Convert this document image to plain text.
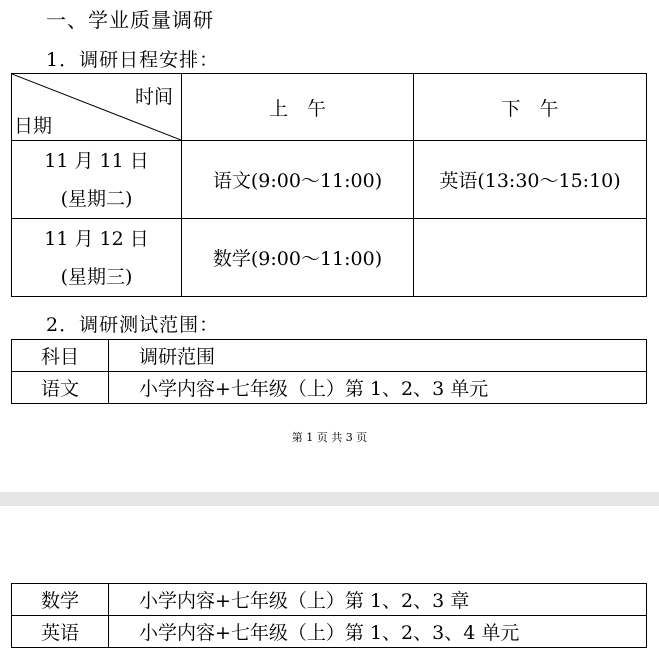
一、学业质量调研
1．调研日程安排：
时间
日期	上　午	下　午

11 月 11 日
(星期二)	语文(9:00～11:00)	英语(13:30～15:10)

11 月 12 日
(星期三)	数学(9:00～11:00)	
2．调研测试范围：
科目	调研范围
语文	小学内容+七年级（上）第 1、2、3 单元
第 1 页 共 3 页
数学	小学内容+七年级（上）第 1、2、3 章
英语	小学内容+七年级（上）第 1、2、3、4 单元
